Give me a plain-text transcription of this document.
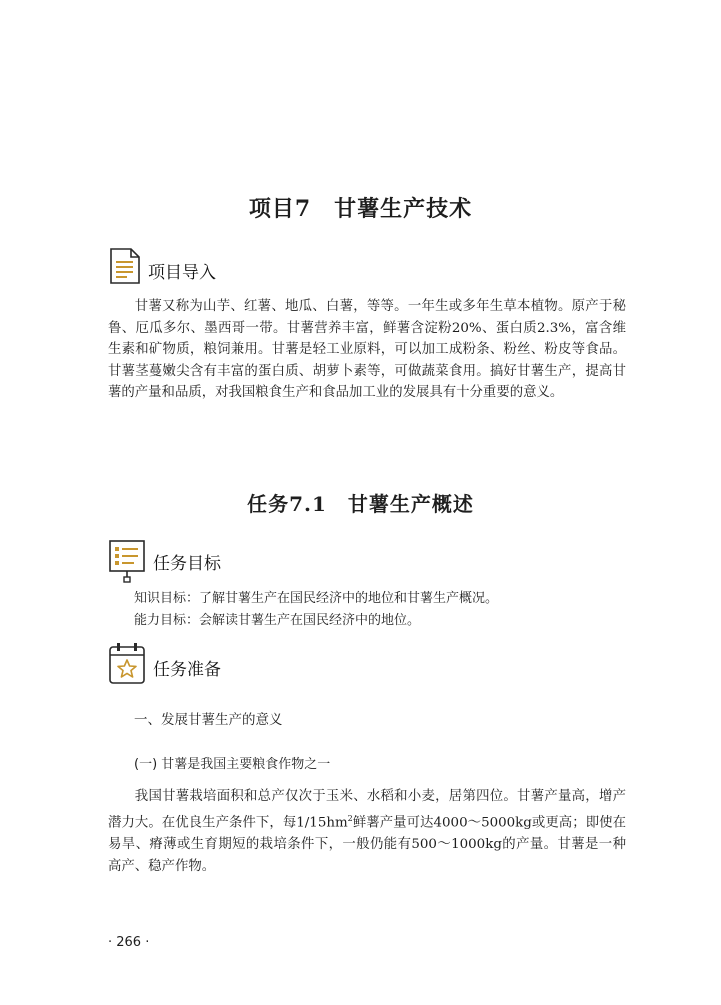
项目7　甘薯生产技术
项目导入

甘薯又称为山芋、红薯、地瓜、白薯，等等。一年生或多年生草本植物。原产于秘鲁、厄瓜多尔、墨西哥一带。甘薯营养丰富，鲜薯含淀粉20%、蛋白质2.3%，富含维生素和矿物质，粮饲兼用。甘薯是轻工业原料，可以加工成粉条、粉丝、粉皮等食品。甘薯茎蔓嫩尖含有丰富的蛋白质、胡萝卜素等，可做蔬菜食用。搞好甘薯生产，提高甘薯的产量和品质，对我国粮食生产和食品加工业的发展具有十分重要的意义。

任务7.1　甘薯生产概述
任务目标
知识目标：了解甘薯生产在国民经济中的地位和甘薯生产概况。
能力目标：会解读甘薯生产在国民经济中的地位。
任务准备
一、发展甘薯生产的意义
(一) 甘薯是我国主要粮食作物之一

我国甘薯栽培面积和总产仅次于玉米、水稻和小麦，居第四位。甘薯产量高，增产潜力大。在优良生产条件下，每$1/15hm^2$鲜薯产量可达4000～5000kg或更高；即使在易旱、瘠薄或生育期短的栽培条件下，一般仍能有500～1000kg的产量。甘薯是一种高产、稳产作物。

· 266 ·
